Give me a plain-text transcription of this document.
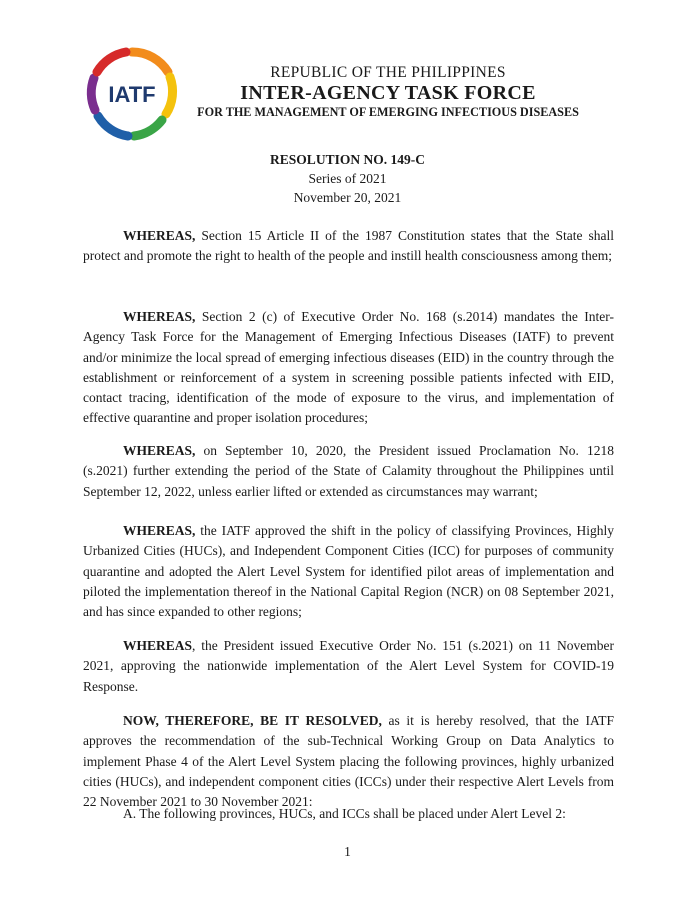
IATF
REPUBLIC OF THE PHILIPPINES
INTER-AGENCY TASK FORCE
FOR THE MANAGEMENT OF EMERGING INFECTIOUS DISEASES
RESOLUTION NO. 149-C
Series of 2021
November 20, 2021

WHEREAS, Section 15 Article II of the 1987 Constitution states that the State shall protect and promote the right to health of the people and instill health consciousness among them;

WHEREAS, Section 2 (c) of Executive Order No. 168 (s.2014) mandates the Inter-Agency Task Force for the Management of Emerging Infectious Diseases (IATF) to prevent and/or minimize the local spread of emerging infectious diseases (EID) in the country through the establishment or reinforcement of a system in screening possible patients infected with EID, contact tracing, identification of the mode of exposure to the virus, and implementation of effective quarantine and proper isolation procedures;

WHEREAS, on September 10, 2020, the President issued Proclamation No. 1218 (s.2021) further extending the period of the State of Calamity throughout the Philippines until September 12, 2022, unless earlier lifted or extended as circumstances may warrant;

WHEREAS, the IATF approved the shift in the policy of classifying Provinces, Highly Urbanized Cities (HUCs), and Independent Component Cities (ICC) for purposes of community quarantine and adopted the Alert Level System for identified pilot areas of implementation and piloted the implementation thereof in the National Capital Region (NCR) on 08 September 2021, and has since expanded to other regions;

WHEREAS, the President issued Executive Order No. 151 (s.2021) on 11 November 2021, approving the nationwide implementation of the Alert Level System for COVID-19 Response.

NOW, THEREFORE, BE IT RESOLVED, as it is hereby resolved, that the IATF approves the recommendation of the sub-Technical Working Group on Data Analytics to implement Phase 4 of the Alert Level System placing the following provinces, highly urbanized cities (HUCs), and independent component cities (ICCs) under their respective Alert Levels from 22 November 2021 to 30 November 2021:

A. The following provinces, HUCs, and ICCs shall be placed under Alert Level 2:
1
